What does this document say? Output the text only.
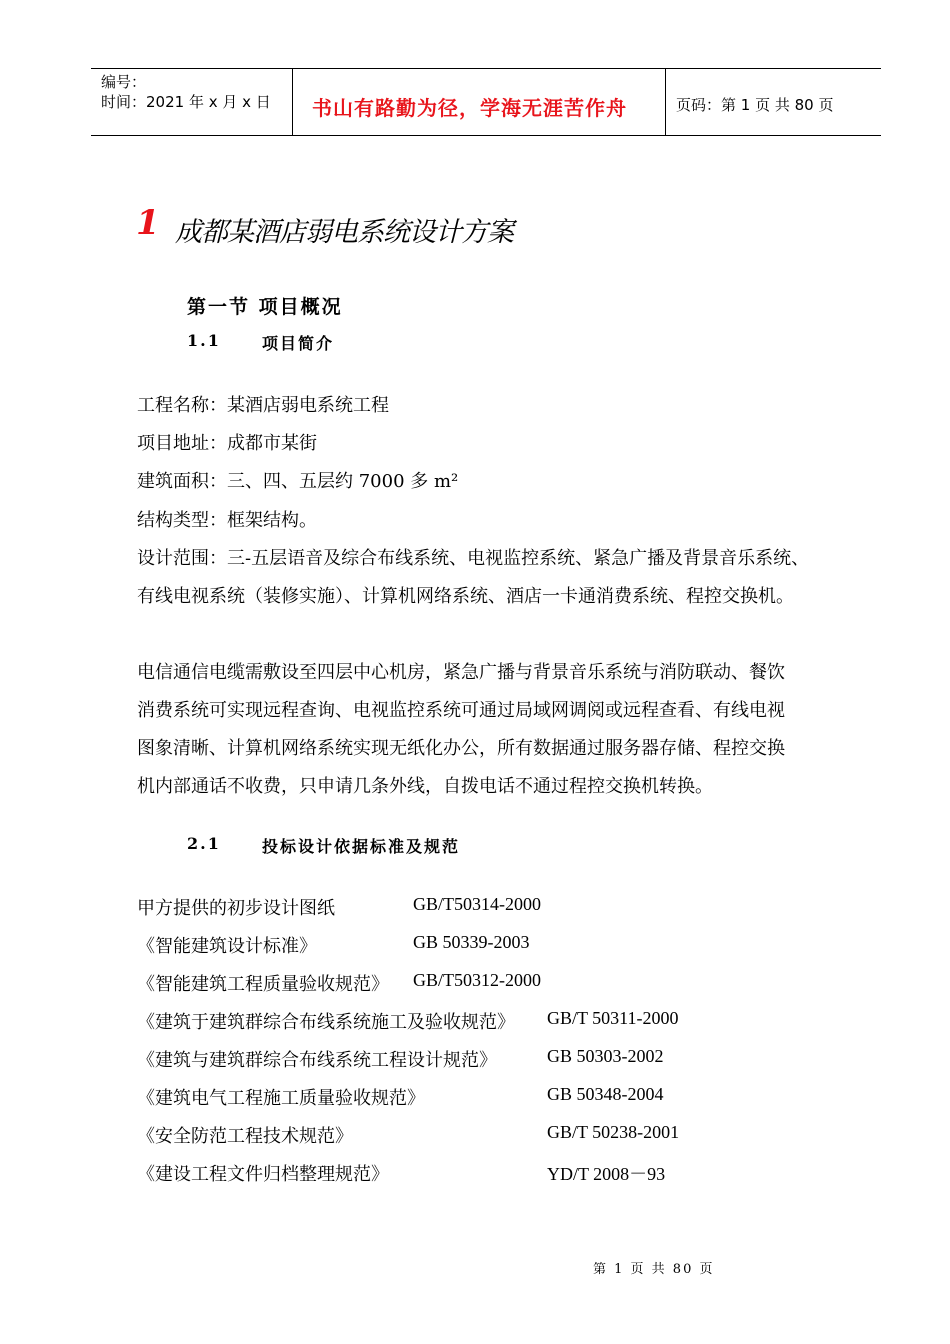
编号：
时间：2021 年 x 月 x 日 书山有路勤为径，学海无涯苦作舟	页码：第 1 页 共 80 页
1 成都某酒店弱电系统设计方案
第一节 项目概况
1.1	项目简介
工程名称：某酒店弱电系统工程
项目地址：成都市某街
建筑面积：三、四、五层约 7000 多 m²
结构类型：框架结构。
设计范围：三-五层语音及综合布线系统、电视监控系统、紧急广播及背景音乐系统、
有线电视系统（装修实施）、计算机网络系统、酒店一卡通消费系统、程控交换机。
电信通信电缆需敷设至四层中心机房，紧急广播与背景音乐系统与消防联动、餐饮
消费系统可实现远程查询、电视监控系统可通过局域网调阅或远程查看、有线电视
图象清晰、计算机网络系统实现无纸化办公，所有数据通过服务器存储、程控交换
机内部通话不收费，只申请几条外线，自拨电话不通过程控交换机转换。
2.1	投标设计依据标准及规范
甲方提供的初步设计图纸	GB/T50314-2000
《智能建筑设计标准》	GB 50339-2003
《智能建筑工程质量验收规范》 GB/T50312-2000
《建筑于建筑群综合布线系统施工及验收规范》 GB/T 50311-2000
《建筑与建筑群综合布线系统工程设计规范》	GB 50303-2002
《建筑电气工程施工质量验收规范》	GB 50348-2004
《安全防范工程技术规范》	GB/T 50238-2001
《建设工程文件归档整理规范》	YD/T 2008－93
第 1 页 共 80 页
